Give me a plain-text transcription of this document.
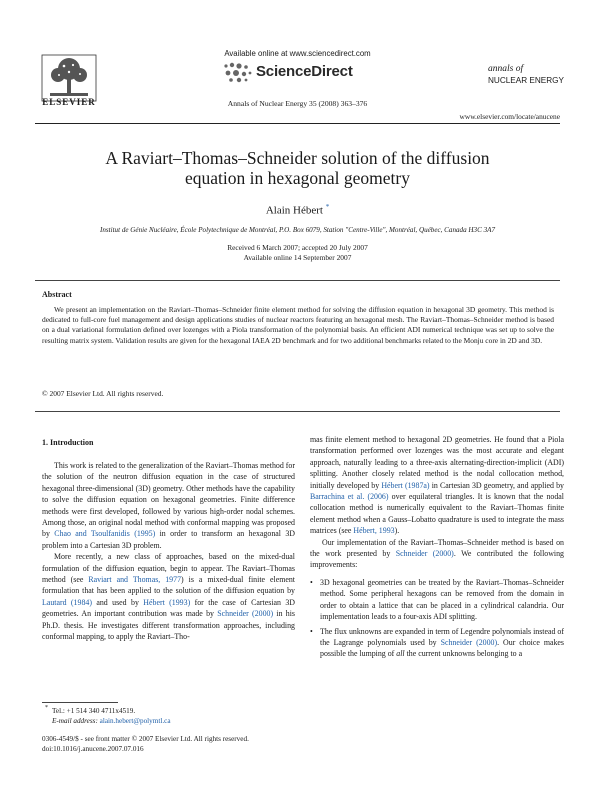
ELSEVIER
Available online at www.sciencedirect.com
ScienceDirect
Annals of Nuclear Energy 35 (2008) 363–376
annals of
NUCLEAR ENERGY
www.elsevier.com/locate/anucene
A Raviart–Thomas–Schneider solution of the diffusion
equation in hexagonal geometry
Alain Hébert *
Institut de Génie Nucléaire, École Polytechnique de Montréal, P.O. Box 6079, Station "Centre-Ville", Montréal, Québec, Canada H3C 3A7
Received 6 March 2007; accepted 20 July 2007
Available online 14 September 2007
Abstract
We present an implementation on the Raviart–Thomas–Schneider finite element method for solving the diffusion equation in hexagonal 3D geometry. This method is dedicated to full-core fuel management and design applications studies of nuclear reactors featuring an hexagonal mesh. The Raviart–Thomas–Schneider method is based on a dual variational formulation defined over lozenges with a Piola transformation of the polynomial basis. An efficient ADI numerical technique was set up to solve the resulting matrix system. Validation results are given for the hexagonal IAEA 2D benchmark and for two additional benchmarks related to the Monju core in 2D and 3D.
© 2007 Elsevier Ltd. All rights reserved.
1. Introduction

This work is related to the generalization of the Raviart–Thomas method for the solution of the neutron diffusion equation in the case of structured hexagonal three-dimensional (3D) geometry. Other methods have the capability to solve the diffusion equation on hexagonal geometries. Finite difference methods were first developed, followed by various high-order nodal schemes. Among those, an original nodal method with conformal mapping was proposed by Chao and Tsoulfanidis (1995) in order to transform an hexagonal 3D problem into a Cartesian 3D problem.

More recently, a new class of approaches, based on the mixed-dual formulation of the diffusion equation, begin to appear. The Raviart–Thomas method (see Raviart and Thomas, 1977) is a mixed-dual finite element formulation that has been applied to the solution of the diffusion equation by Lautard (1984) and used by Hébert (1993) for the case of Cartesian 3D geometries. An important contribution was made by Schneider (2000) in his Ph.D. thesis. He investigates different transformation approaches, including conformal mapping, to apply the Raviart–Tho-

mas finite element method to hexagonal 2D geometries. He found that a Piola transformation performed over lozenges was the most accurate and elegant approach, naturally leading to a three-axis alternating-direction-implicit (ADI) splitting. Another closely related method is the nodal collocation method, initially developed by Hébert (1987a) in Cartesian 3D geometry, and applied by Barrachina et al. (2006) over equilateral triangles. It is known that the nodal collocation method is numerically equivalent to the Raviart–Thomas finite element method when a Gauss–Lobatto quadrature is used to integrate the mass matrices (see Hébert, 1993).

Our implementation of the Raviart–Thomas–Schneider method is based on the work presented by Schneider (2000). We contributed the following improvements:

• 3D hexagonal geometries can be treated by the Raviart–Thomas–Schneider method. Some peripheral hexagons can be removed from the domain in order to obtain a lattice that can be placed in a cylindrical calandria. Our implementation leads to a four-axis ADI splitting.
• The flux unknowns are expanded in term of Legendre polynomials instead of the Lagrange polynomials used by Schneider (2000). Our choice makes possible the lumping of all the current unknowns belonging to a
* Tel.: +1 514 340 4711x4519.
E-mail address: alain.hebert@polymtl.ca
0306-4549/$ - see front matter © 2007 Elsevier Ltd. All rights reserved.
doi:10.1016/j.anucene.2007.07.016
